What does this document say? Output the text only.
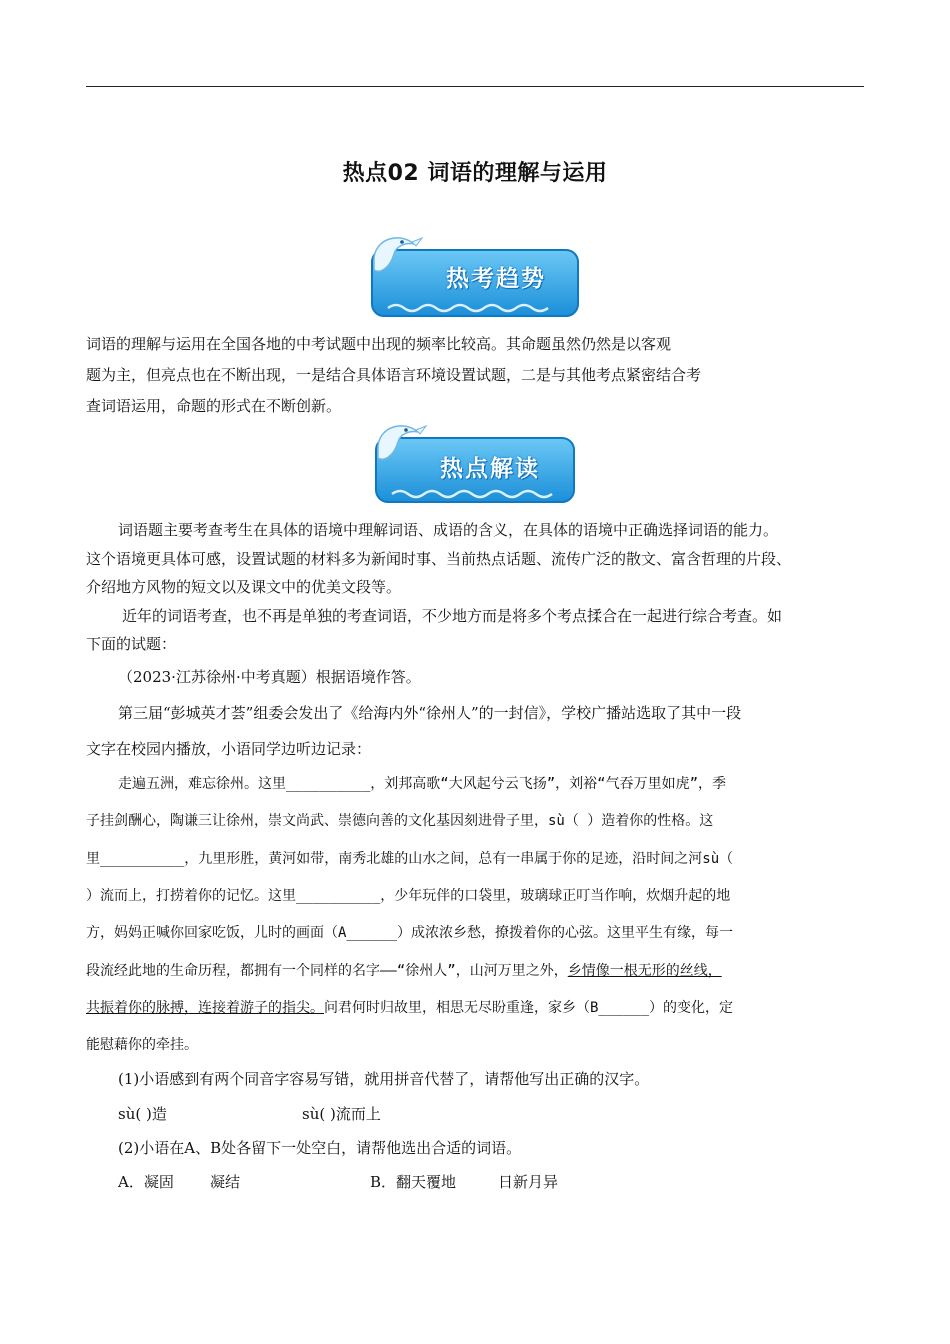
热点02 词语的理解与运用
热考趋势
词语的理解与运用在全国各地的中考试题中出现的频率比较高。其命题虽然仍然是以客观
题为主，但亮点也在不断出现，一是结合具体语言环境设置试题，二是与其他考点紧密结合考
查词语运用，命题的形式在不断创新。
热点解读
词语题主要考查考生在具体的语境中理解词语、成语的含义，在具体的语境中正确选择词语的能力。
这个语境更具体可感，设置试题的材料多为新闻时事、当前热点话题、流传广泛的散文、富含哲理的片段、
介绍地方风物的短文以及课文中的优美文段等。
近年的词语考查，也不再是单独的考查词语，不少地方而是将多个考点揉合在一起进行综合考查。如
下面的试题：
（2023·江苏徐州·中考真题）根据语境作答。
第三届“彭城英才荟”组委会发出了《给海内外“徐州人”的一封信》，学校广播站选取了其中一段
文字在校园内播放，小语同学边听边记录：
走遍五洲，难忘徐州。这里__________，刘邦高歌“大风起兮云飞扬”，刘裕“气吞万里如虎”，季
子挂剑酬心，陶谦三让徐州，崇文尚武、崇德向善的文化基因刻进骨子里，sù（ ）造着你的性格。这
里__________，九里形胜，黄河如带，南秀北雄的山水之间，总有一串属于你的足迹，沿时间之河sù（
）流而上，打捞着你的记忆。这里__________，少年玩伴的口袋里，玻璃球正叮当作响，炊烟升起的地
方，妈妈正喊你回家吃饭，儿时的画面（A______）成浓浓乡愁，撩拨着你的心弦。这里平生有缘，每一
段流经此地的生命历程，都拥有一个同样的名字——“徐州人”，山河万里之外，乡情像一根无形的丝线，
共振着你的脉搏，连接着游子的指尖。问君何时归故里，相思无尽盼重逢，家乡（B______）的变化，定
能慰藉你的牵挂。
(1)小语感到有两个同音字容易写错，就用拼音代替了，请帮他写出正确的汉字。
sù( )造	sù( )流而上
(2)小语在A、B处各留下一处空白，请帮他选出合适的词语。
A．凝固 凝结	B．翻天覆地	日新月异
